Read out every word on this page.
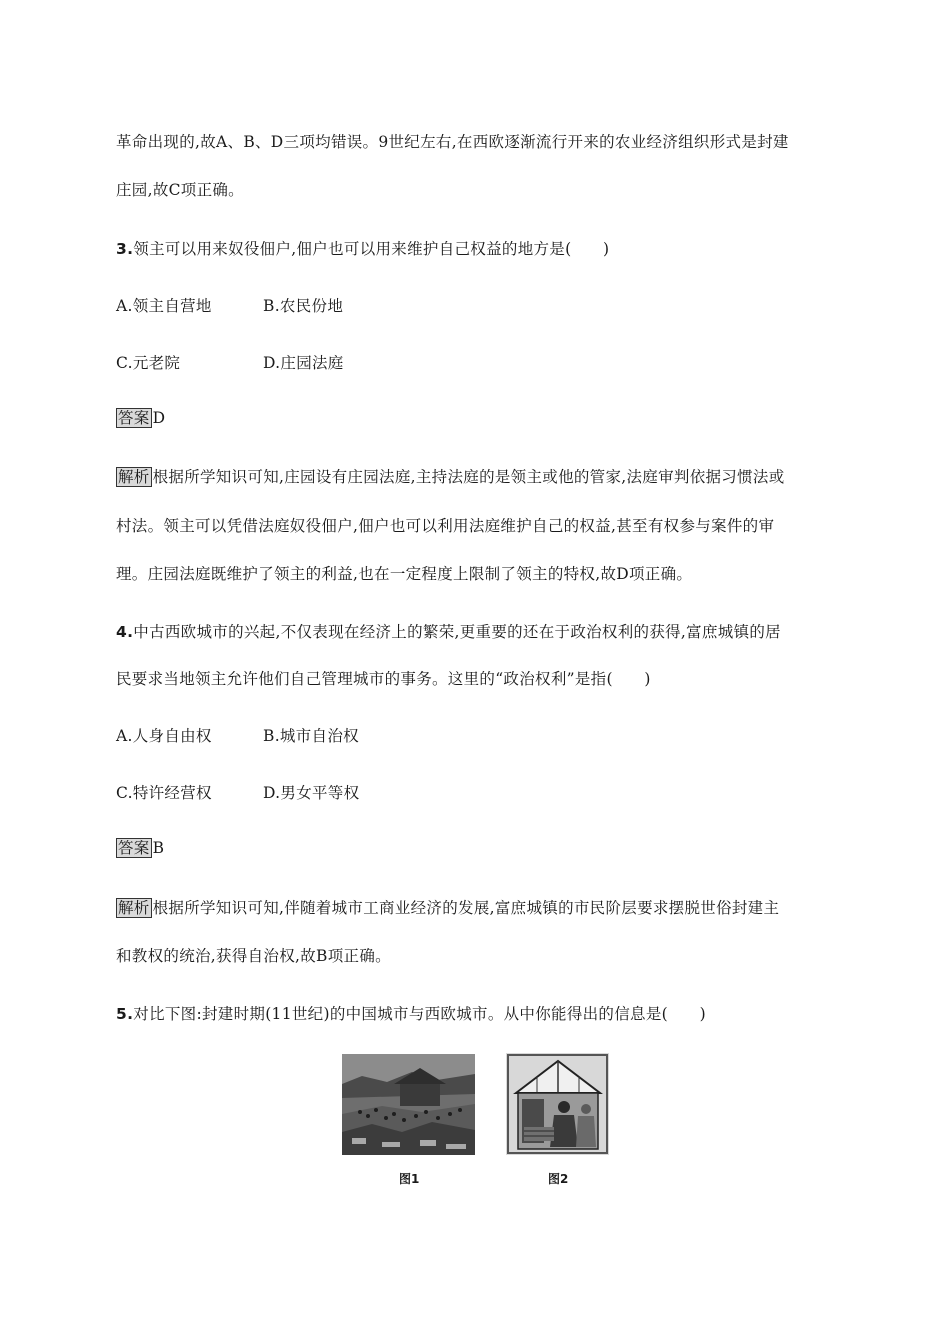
革命出现的,故A、B、D三项均错误。9世纪左右,在西欧逐渐流行开来的农业经济组织形式是封建
庄园,故C项正确。
3.领主可以用来奴役佃户,佃户也可以用来维护自己权益的地方是(　　)
A.领主自营地	B.农民份地
C.元老院	D.庄园法庭
答案 D
解析 根据所学知识可知,庄园设有庄园法庭,主持法庭的是领主或他的管家,法庭审判依据习惯法或
村法。领主可以凭借法庭奴役佃户,佃户也可以利用法庭维护自己的权益,甚至有权参与案件的审
理。庄园法庭既维护了领主的利益,也在一定程度上限制了领主的特权,故D项正确。
4.中古西欧城市的兴起,不仅表现在经济上的繁荣,更重要的还在于政治权利的获得,富庶城镇的居
民要求当地领主允许他们自己管理城市的事务。这里的“政治权利”是指(　　)
A.人身自由权	B.城市自治权
C.特许经营权	D.男女平等权
答案 B
解析 根据所学知识可知,伴随着城市工商业经济的发展,富庶城镇的市民阶层要求摆脱世俗封建主
和教权的统治,获得自治权,故B项正确。
5.对比下图:封建时期(11世纪)的中国城市与西欧城市。从中你能得出的信息是(　　)
图1	图2
